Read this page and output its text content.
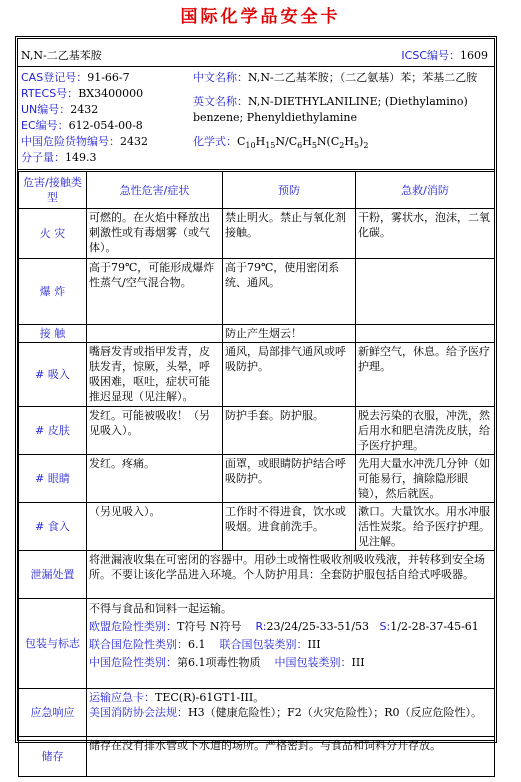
国际化学品安全卡
N,N-二乙基苯胺	ICSC编号：1609
CAS登记号：91-66-7
RTECS号：BX3400000
UN编号：2432
EC编号：612-054-00-8
中国危险货物编号：2432
分子量：149.3
中文名称：N,N-二乙基苯胺；（二乙氨基）苯；苯基二乙胺
英文名称：N,N-DIETHYLANILINE; (Diethylamino) benzene; Phenyldiethylamine
化学式：$C_{10}H_{15}N/C_6H_5N(C_2H_5)_2$
危害/接触类型	急性危害/症状	预防	急救/消防
火 灾	可燃的。在火焰中释放出刺激性或有毒烟雾（或气体）。	禁止明火。禁止与氧化剂接触。	干粉，雾状水，泡沫，二氧化碳。
爆 炸	高于79℃，可能形成爆炸性蒸气/空气混合物。	高于79℃，使用密闭系统、通风。	
接 触		防止产生烟云！	
# 吸入	嘴唇发青或指甲发青，皮肤发青，惊厥，头晕，呼吸困难，呕吐，症状可能推迟显现（见注解）。	通风，局部排气通风或呼吸防护。	新鲜空气，休息。给予医疗护理。
# 皮肤	发红。可能被吸收！（另见吸入）。	防护手套。防护服。	脱去污染的衣服，冲洗，然后用水和肥皂清洗皮肤，给予医疗护理。
# 眼睛	发红。疼痛。	面罩，或眼睛防护结合呼吸防护。	先用大量水冲洗几分钟（如可能易行，摘除隐形眼镜），然后就医。
# 食入	（另见吸入）。	工作时不得进食，饮水或吸烟。进食前洗手。	漱口。大量饮水。用水冲服活性炭浆。给予医疗护理。见注解。
泄漏处置	将泄漏液收集在可密闭的容器中。用砂土或惰性吸收剂吸收残液，并转移到安全场所。不要让该化学品进入环境。个人防护用具：全套防护服包括自给式呼吸器。		
包装与标志	不得与食品和饲料一起运输。
欧盟危险性类别：T符号 N符号 R:23/24/25-33-51/53 S:1/2-28-37-45-61
联合国危险性类别：6.1 联合国包装类别：III
中国危险性类别：第6.1项毒性物质 中国包装类别：III		

应急响应	运输应急卡：TEC(R)-61GT1-III。
美国消防协会法规：H3（健康危险性）；F2（火灾危险性）；R0（反应危险性）。		

储存	储存在没有排水管或下水道的场所。严格密封。与食品和饲料分开存放。		
